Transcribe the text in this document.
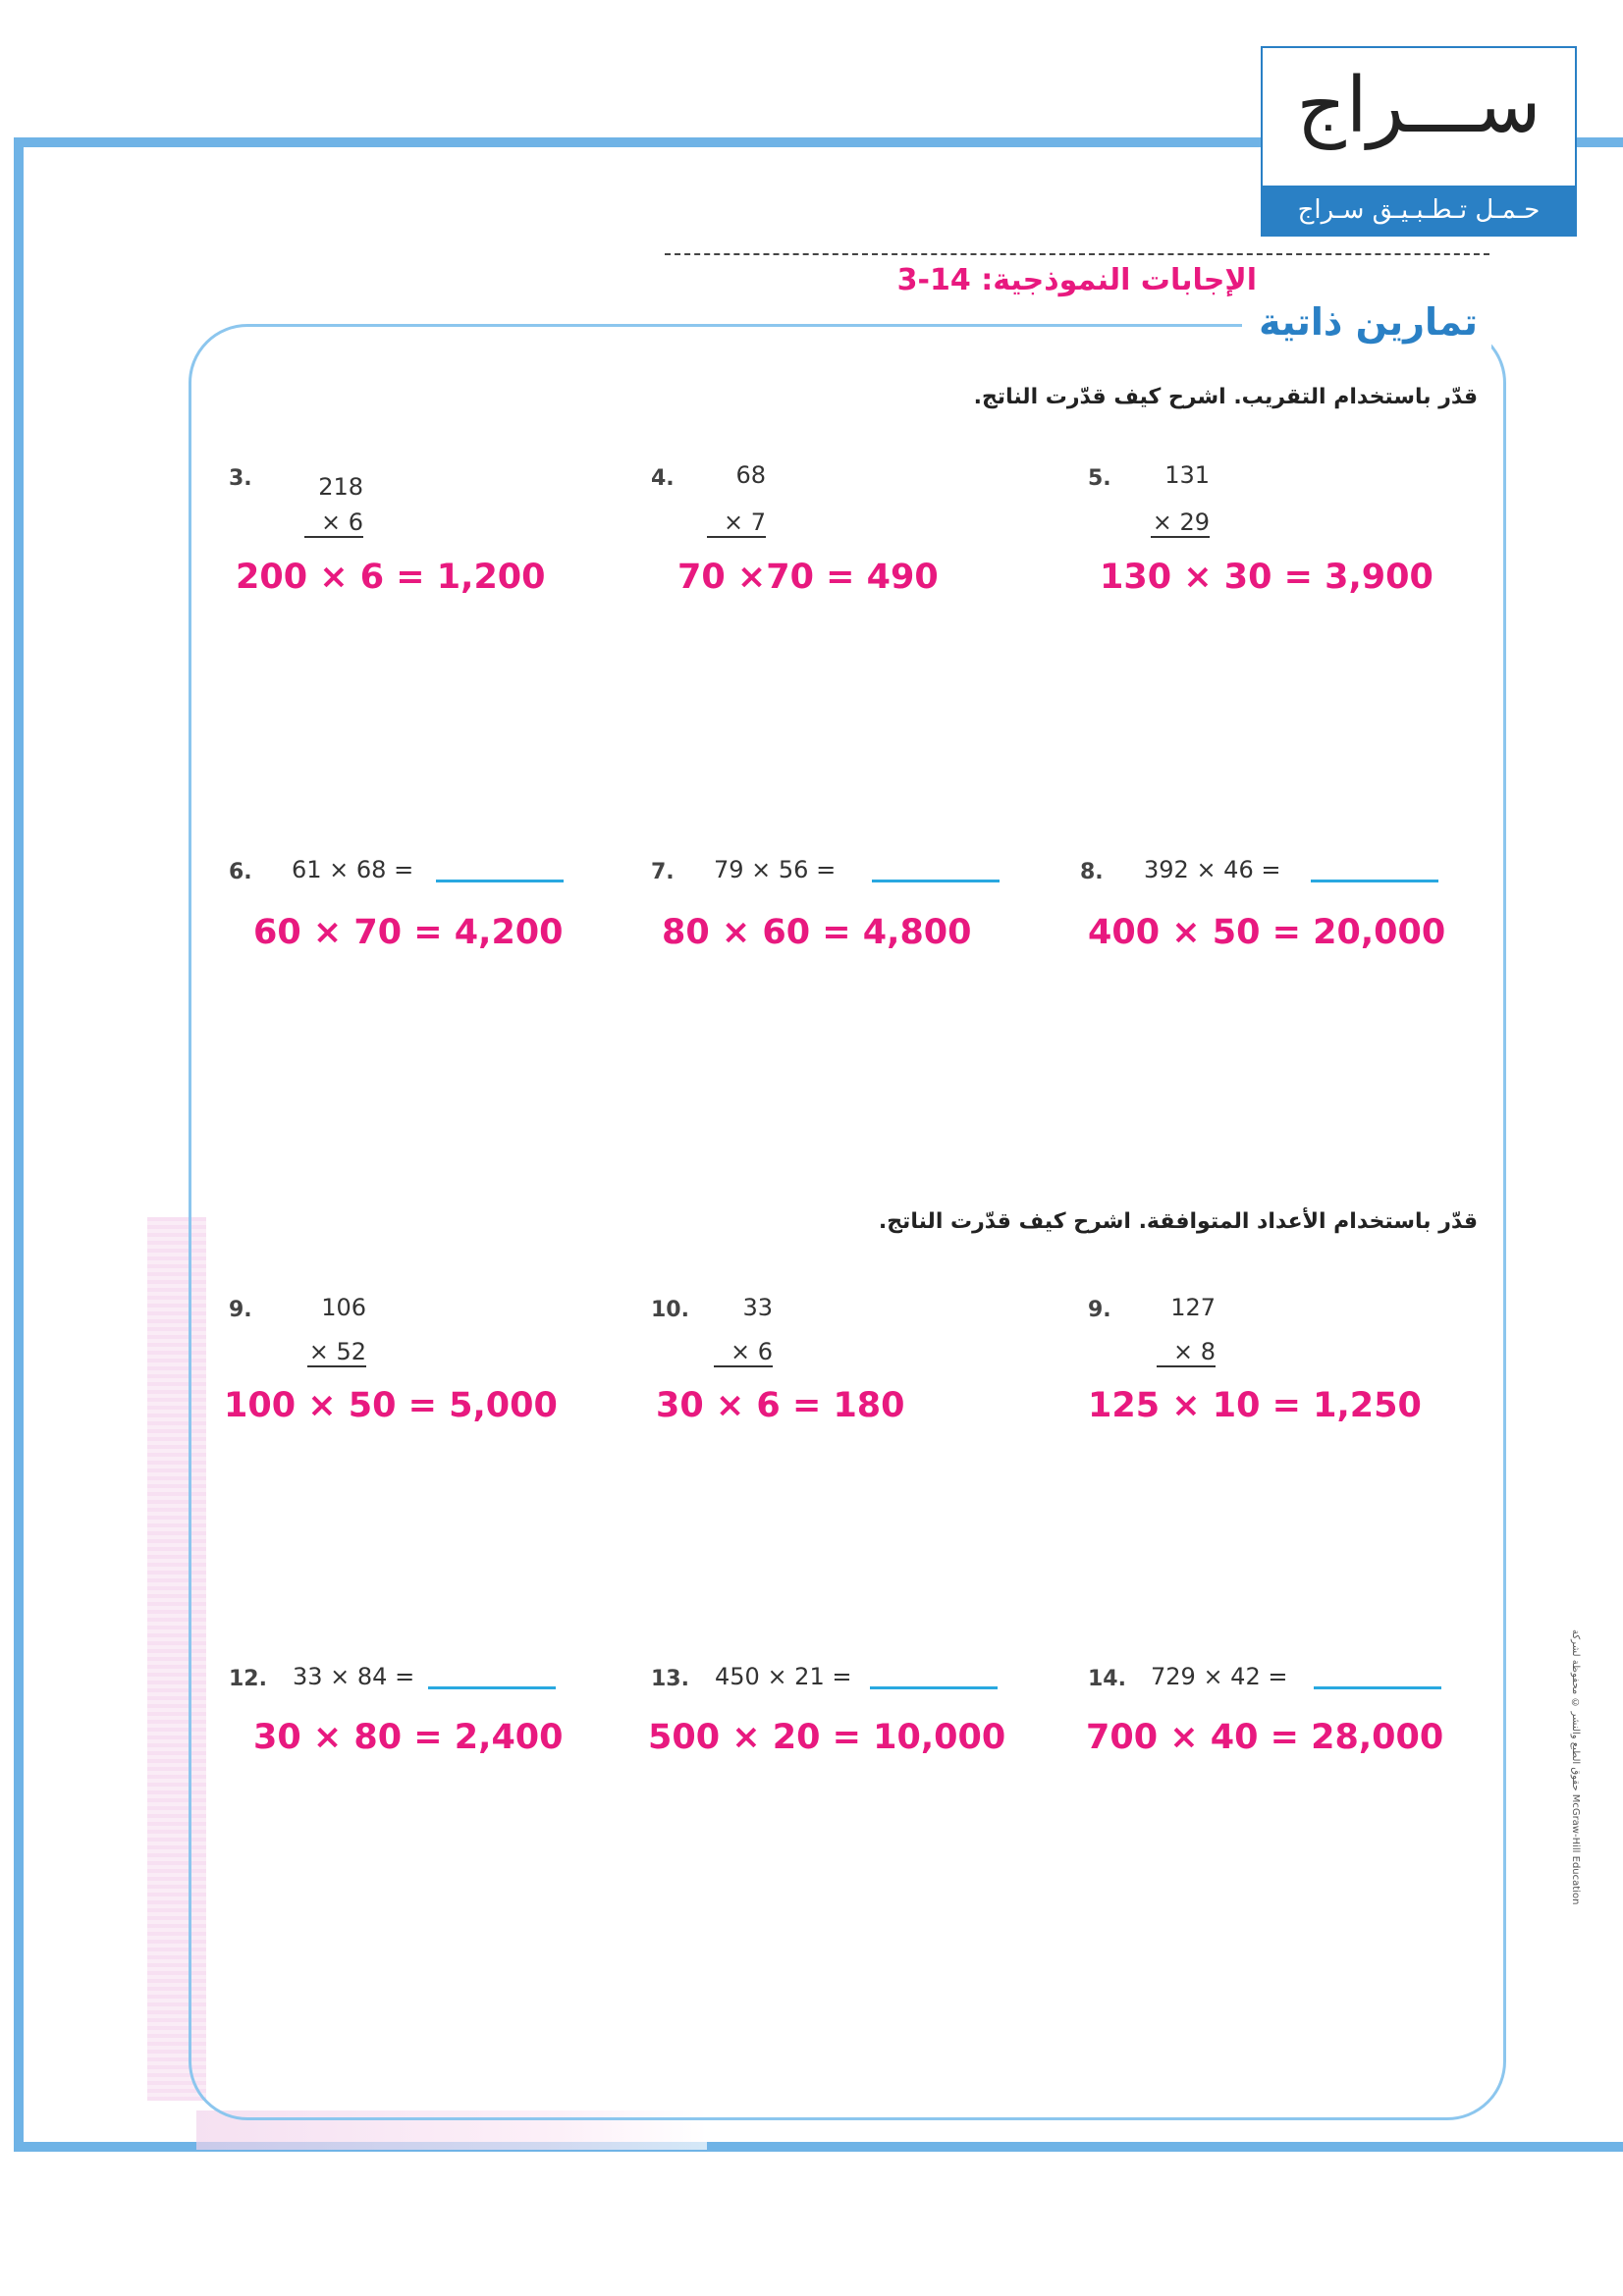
ســـراج
حـمـل تـطـبـيـق سـراج
الإجابات النموذجية: 14-3
تمارين ذاتية
قدّر باستخدام التقريب. اشرح كيف قدّرت الناتج.
قدّر باستخدام الأعداد المتوافقة. اشرح كيف قدّرت الناتج.
3.	218
× 6
200 × 6 = 1,200
4.	68
× 7
70 ×70 = 490
5.	131
× 29
130 × 30 = 3,900
6. 61 × 68 =
60 × 70 = 4,200
7. 79 × 56 =
80 × 60 = 4,800
8. 392 × 46 =
400 × 50 = 20,000
9.	106
× 52
100 × 50 = 5,000
10.	33
× 6
30 × 6 = 180
9.	127
× 8
125 × 10 = 1,250
12. 33 × 84 =
30 × 80 = 2,400
13. 450 × 21 =
500 × 20 = 10,000
14. 729 × 42 =
700 × 40 = 28,000	حقوق الطبع والنشر © محفوظة لشركة McGraw-Hill Education
